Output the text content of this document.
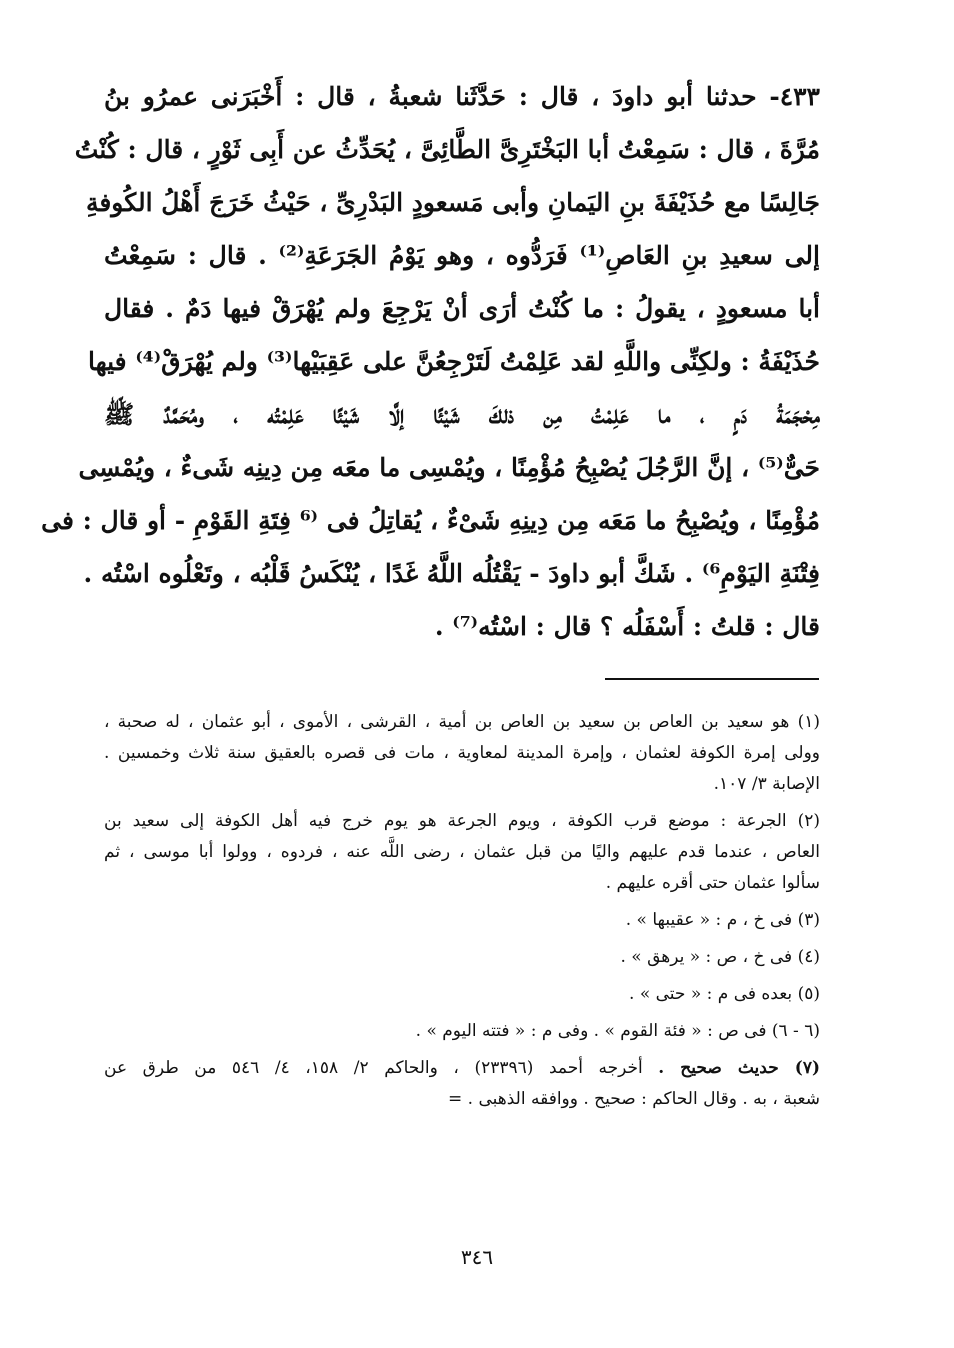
٤٣٣- حدثنا أبو داودَ ، قال : حَدَّثَنا شعبةُ ، قال : أَخْبَرَنى عمرُو بنُ
مُرَّةَ ، قال : سَمِعْتُ أبا البَخْتَرِىَّ الطَّائِىَّ ، يُحَدِّثُ عن أَبِى ثَوْرٍ ، قال : كُنْتُ
جَالِسًا مع حُذَيْفَةَ بنِ اليَمانِ وأبى مَسعودٍ البَدْرِىِّ ، حَيْثُ خَرَجَ أَهْلُ الكُوفةِ
إلى سعيدِ بنِ العَاصِ⁽¹⁾ فَرَدُّوه ، وهو يَوْمُ الجَرَعَةِ⁽²⁾ . قال : سَمِعْتُ
أبا مسعودٍ ، يقولُ : ما كُنْتُ أرَى أنْ يَرْجِعَ ولم يُهْرَقْ فيها دَمٌ . فقال
حُذَيْفَةُ : ولكِنِّى واللَّهِ لقد عَلِمْتُ لَتَرْجِعُنَّ على عَقِبَيْها⁽³⁾ ولم يُهْرَقْ⁽⁴⁾ فيها
مِحْجَمَةُ دَمٍ ، ما عَلِمْتُ مِن ذلكَ شَيْئًا إلَّا شَيْئًا عَلِمْتُه ، ومُحَمَّدٌ ﷺ
حَىٌّ⁽⁵⁾ ، إنَّ الرَّجُلَ يُصْبِحُ مُؤْمِنًا ، ويُمْسِى ما معَه مِن دِينِه شَىءٌ ، ويُمْسِى
مُؤْمِنًا ، ويُصْبِحُ ما مَعَه مِن دِينِهِ شَىْءٌ ، يُقاتِلُ فى ⁽⁶ فِتَةِ القَوْمِ - أو قال : فى
فِتْنَةِ اليَوْمِ⁶⁾ . شَكَّ أبو داودَ - يَقْتُلُه اللَّهُ غَدًا ، يُنْكَسُ قَلْبُه ، وتَعْلُوه اسْتُه .
قال : قلتُ : أَسْفَلُه ؟ قال : اسْتُه⁽⁷⁾ .
(١) هو سعيد بن العاص بن سعيد بن العاص بن أمية ، القرشى ، الأموى ، أبو عثمان ، له صحبة ،
وولى إمرة الكوفة لعثمان ، وإمرة المدينة لمعاوية ، مات فى قصره بالعقيق سنة ثلاث وخمسين .
الإصابة ٣/ ١٠٧.
(٢) الجرعة : موضع قرب الكوفة ، ويوم الجرعة هو يوم خرج فيه أهل الكوفة إلى سعيد بن
العاص ، عندما قدم عليهم واليًا من قبل عثمان ، رضى اللَّه عنه ، فردوه ، وولوا أبا موسى ، ثم
سألوا عثمان حتى أقره عليهم .
(٣) فى خ ، م : « عقيبها » .
(٤) فى خ ، ص : « يرهق » .
(٥) بعده فى م : « حتى » .
(٦ - ٦) فى ص : « فئة القوم » . وفى م : « فتته اليوم » .
(٧) حديث صحيح . أخرجه أحمد (٢٣٣٩٦) ، والحاكم ٢/ ١٥٨، ٤/ ٥٤٦ من طرق عن
شعبة ، به . وقال الحاكم : صحيح . ووافقه الذهبى . =
٣٤٦
